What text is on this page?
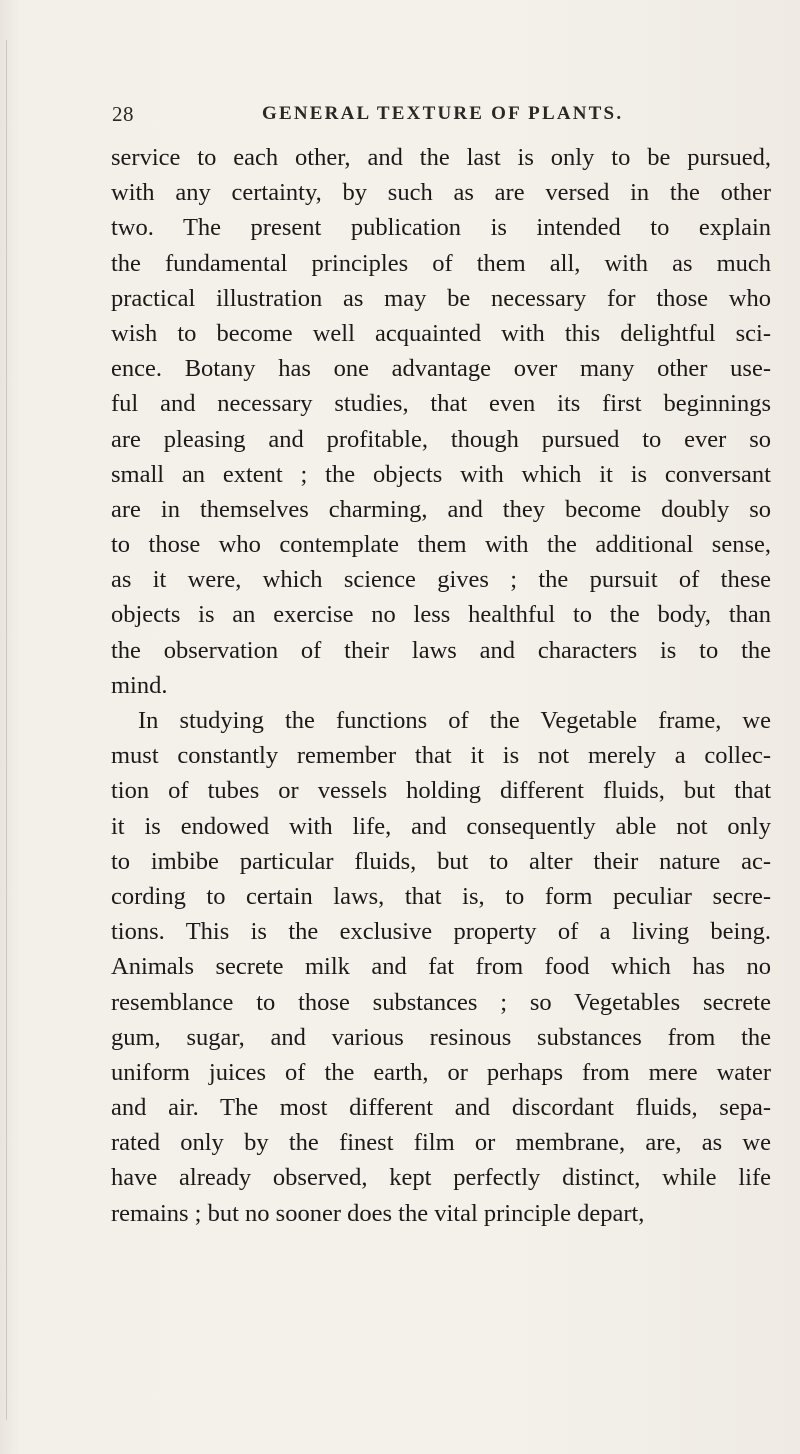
28	GENERAL TEXTURE OF PLANTS.
service to each other, and the last is only to be pursued,
with any certainty, by such as are versed in the other
two. The present publication is intended to explain
the fundamental principles of them all, with as much
practical illustration as may be necessary for those who
wish to become well acquainted with this delightful sci-
ence. Botany has one advantage over many other use-
ful and necessary studies, that even its first beginnings
are pleasing and profitable, though pursued to ever so
small an extent ; the objects with which it is conversant
are in themselves charming, and they become doubly so
to those who contemplate them with the additional sense,
as it were, which science gives ; the pursuit of these
objects is an exercise no less healthful to the body, than
the observation of their laws and characters is to the
mind.
In studying the functions of the Vegetable frame, we
must constantly remember that it is not merely a collec-
tion of tubes or vessels holding different fluids, but that
it is endowed with life, and consequently able not only
to imbibe particular fluids, but to alter their nature ac-
cording to certain laws, that is, to form peculiar secre-
tions. This is the exclusive property of a living being.
Animals secrete milk and fat from food which has no
resemblance to those substances ; so Vegetables secrete
gum, sugar, and various resinous substances from the
uniform juices of the earth, or perhaps from mere water
and air. The most different and discordant fluids, sepa-
rated only by the finest film or membrane, are, as we
have already observed, kept perfectly distinct, while life
remains ; but no sooner does the vital principle depart,
